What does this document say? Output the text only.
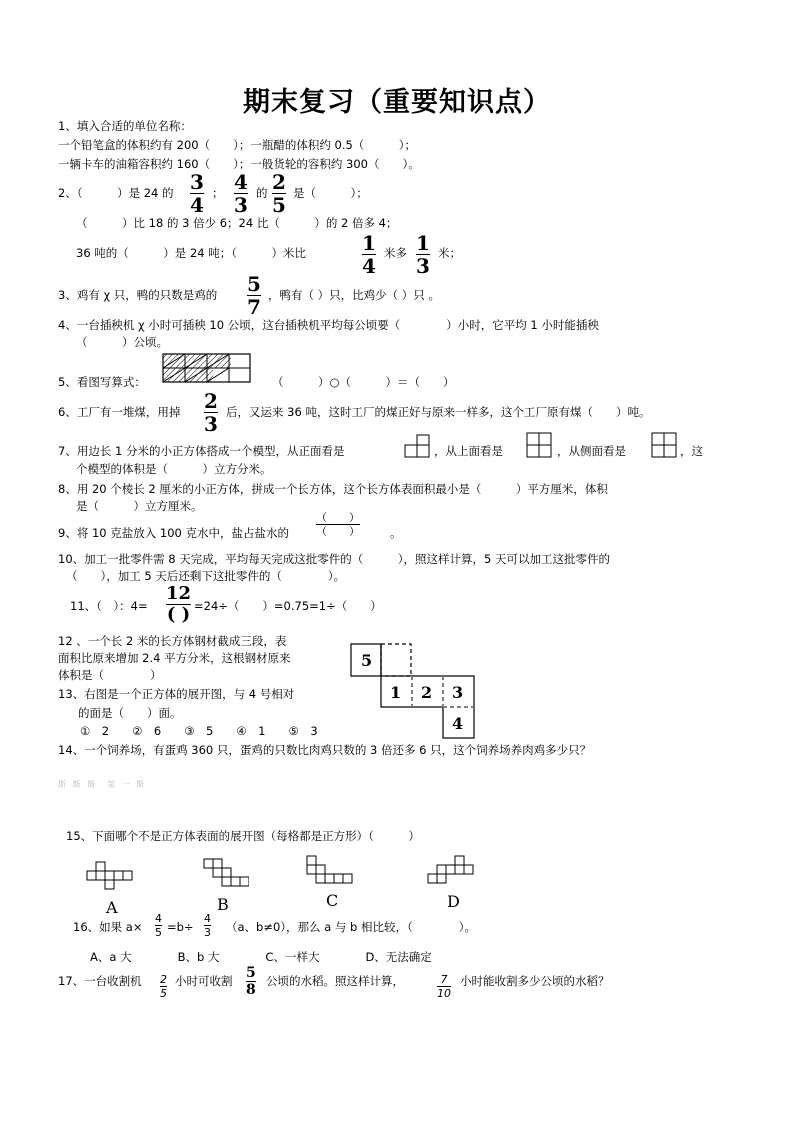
期末复习（重要知识点）
1、填入合适的单位名称：
一个铅笔盒的体积约有 200（　　）；一瓶醋的体积约 0.5（　　　）；
一辆卡车的油箱容积约 160（　　）；一般货轮的容积约 300（　　）。
2、（　　　）是 24 的 3
4 ； 4
3 的 2
5 是（　　　）；
（　　　）比 18 的 3 倍少 6；24 比（　　　）的 2 倍多 4；
36 吨的（　　　）是 24 吨；（　　　）米比	1
4
米多 1
3
米；
3、鸡有 χ 只，鸭的只数是鸡的 5
7 ，鸭有（ ）只，比鸡少（ ）只 。
4、一台插秧机 χ 小时可插秧 10 公顷，这台插秧机平均每公顷要（　　　　）小时，它平均 1 小时能插秧
（　　　）公顷。
5、看图写算式：	（　　　）○（　　　）＝（　　）
6、工厂有一堆煤，用掉 2
3 后，又运来 36 吨，这时工厂的煤正好与原来一样多，这个工厂原有煤（　　）吨。
7、用边长 1 分米的小正方体搭成一个模型，从正面看是	，从上面看是	，从侧面看是	，这
个模型的体积是（　　　）立方分米。
8、用 20 个棱长 2 厘米的小正方体，拼成一个长方体，这个长方体表面积最小是（　　　）平方厘米，体积
是（　　　）立方厘米。
9、将 10 克盐放入 100 克水中，盐占盐水的
（　　）
（　　）	。
10、加工一批零件需 8 天完成，平均每天完成这批零件的（　　　），照这样计算，5 天可以加工这批零件的
（　　），加工 5 天后还剩下这批零件的（　　　　）。
11、（　）：4=
12
( ) =24÷（　　）=0.75=1÷（　　）
12 、一个长 2 米的长方体钢材截成三段，表
面积比原来增加 2.4 平方分米，这根钢材原来
体积是（　　　　）
13、右图是一个正方体的展开图，与 4 号相对
的面是（　　）面。
①　2　　②　6　　③　5　　④　1　　⑤　3
5
1 2 3
4
14、一个饲养场，有蛋鸡 360 只，蛋鸡的只数比肉鸡只数的 3 倍还多 6 只，这个饲养场养肉鸡多少只？
斯 斯 斯　第 一 斯
15、下面哪个不是正方体表面的展开图（每格都是正方形）（　　　）
A	B	C	D
16、如果 a×
4
5 =b÷
4
3 （a、b≠0），那么 a 与 b 相比较，（　　　　）。
A、a 大　　　　B、b 大　　　　C、一样大　　　　D、无法确定
17、一台收割机 2
5
小时可收割 5
8
公顷的水稻。照这样计算，	7
10
小时能收割多少公顷的水稻？
